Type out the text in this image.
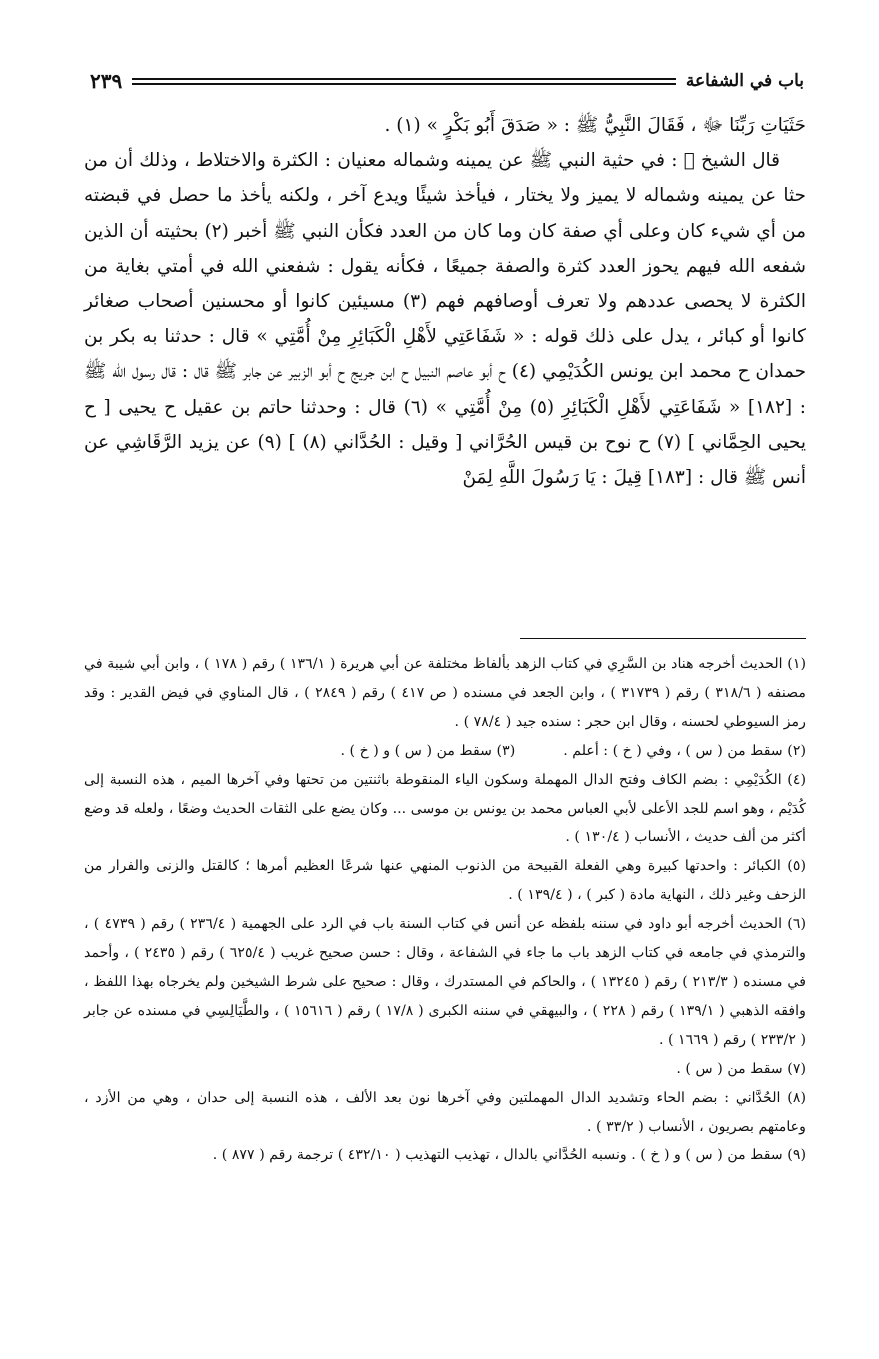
باب في الشفاعة
٢٣٩

حَثَيَاتِ رَبِّنَا ﷻ ، فَقَالَ النَّبِيُّ ﷺ : « صَدَقَ أَبُو بَكْرٍ » (١) .

قال الشيخ ﷫ : في حثية النبي ﷺ عن يمينه وشماله معنيان : الكثرة والاختلاط ، وذلك أن من حثا عن يمينه وشماله لا يميز ولا يختار ، فيأخذ شيئًا ويدع آخر ، ولكنه يأخذ ما حصل في قبضته من أي شيء كان وعلى أي صفة كان وما كان من العدد فكأن النبي ﷺ أخبر (٢) بحثيته أن الذين شفعه الله فيهم يحوز العدد كثرة والصفة جميعًا ، فكأنه يقول : شفعني الله في أمتي بغاية من الكثرة لا يحصى عددهم ولا تعرف أوصافهم فهم (٣) مسيئين كانوا أو محسنين أصحاب صغائر كانوا أو كبائر ، يدل على ذلك قوله : « شَفَاعَتِي لأَهْلِ الْكَبَائِرِ مِنْ أُمَّتِي » قال : حدثنا به بكر بن حمدان ح محمد ابن يونس الكُدَيْمِي (٤) ح أبو عاصم النبيل ح ابن جريج ح أبو الزبير عن جابر ﷺ قال : قال رسول الله ﷺ : [١٨٢] « شَفَاعَتِي لأَهْلِ الْكَبَائِرِ (٥) مِنْ أُمَّتِي » (٦) قال : وحدثنا حاتم بن عقيل ح يحيى [ ح يحيى الحِمَّاني ] (٧) ح نوح بن قيس الحُرَّاني [ وقيل : الحُدَّاني (٨) ] (٩) عن يزيد الرَّقَاشِي عن أنس ﷺ قال : [١٨٣] قِيلَ : يَا رَسُولَ اللَّهِ لِمَنْ

(١) الحديث أخرجه هناد بن السَّرِي في كتاب الزهد بألفاظ مختلفة عن أبي هريرة ( ١٣٦/١ ) رقم ( ١٧٨ ) ، وابن أبي شيبة في مصنفه ( ٣١٨/٦ ) رقم ( ٣١٧٣٩ ) ، وابن الجعد في مسنده ( ص ٤١٧ ) رقم ( ٢٨٤٩ ) ، قال المناوي في فيض القدير : وقد رمز السيوطي لحسنه ، وقال ابن حجر : سنده جيد ( ٧٨/٤ ) .

(٢) سقط من ( س ) ، وفي ( خ ) : أعلم .
(٣) سقط من ( س ) و ( خ ) .

(٤) الكُدَيْمِي : بضم الكاف وفتح الدال المهملة وسكون الياء المنقوطة باثنتين من تحتها وفي آخرها الميم ، هذه النسبة إلى كُدَيْم ، وهو اسم للجد الأعلى لأبي العباس محمد بن يونس بن موسى ... وكان يضع على الثقات الحديث وضعًا ، ولعله قد وضع أكثر من ألف حديث ، الأنساب ( ١٣٠/٤ ) .

(٥) الكبائر : واحدتها كبيرة وهي الفعلة القبيحة من الذنوب المنهي عنها شرعًا العظيم أمرها ؛ كالقتل والزنى والفرار من الزحف وغير ذلك ، النهاية مادة ( كبر ) ، ( ١٣٩/٤ ) .

(٦) الحديث أخرجه أبو داود في سننه بلفظه عن أنس في كتاب السنة باب في الرد على الجهمية ( ٢٣٦/٤ ) رقم ( ٤٧٣٩ ) ، والترمذي في جامعه في كتاب الزهد باب ما جاء في الشفاعة ، وقال : حسن صحيح غريب ( ٦٢٥/٤ ) رقم ( ٢٤٣٥ ) ، وأحمد في مسنده ( ٢١٣/٣ ) رقم ( ١٣٢٤٥ ) ، والحاكم في المستدرك ، وقال : صحيح على شرط الشيخين ولم يخرجاه بهذا اللفظ ، وافقه الذهبي ( ١٣٩/١ ) رقم ( ٢٢٨ ) ، والبيهقي في سننه الكبرى ( ١٧/٨ ) رقم ( ١٥٦١٦ ) ، والطَّيَالِسِي في مسنده عن جابر ( ٢٣٣/٢ ) رقم ( ١٦٦٩ ) .

(٧) سقط من ( س ) .

(٨) الحُدَّاني : بضم الحاء وتشديد الدال المهملتين وفي آخرها نون بعد الألف ، هذه النسبة إلى حدان ، وهي من الأزد ، وعامتهم بصريون ، الأنساب ( ٣٣/٢ ) .

(٩) سقط من ( س ) و ( خ ) . ونسبه الحُدَّاني بالدال ، تهذيب التهذيب ( ٤٣٢/١٠ ) ترجمة رقم ( ٨٧٧ ) .
